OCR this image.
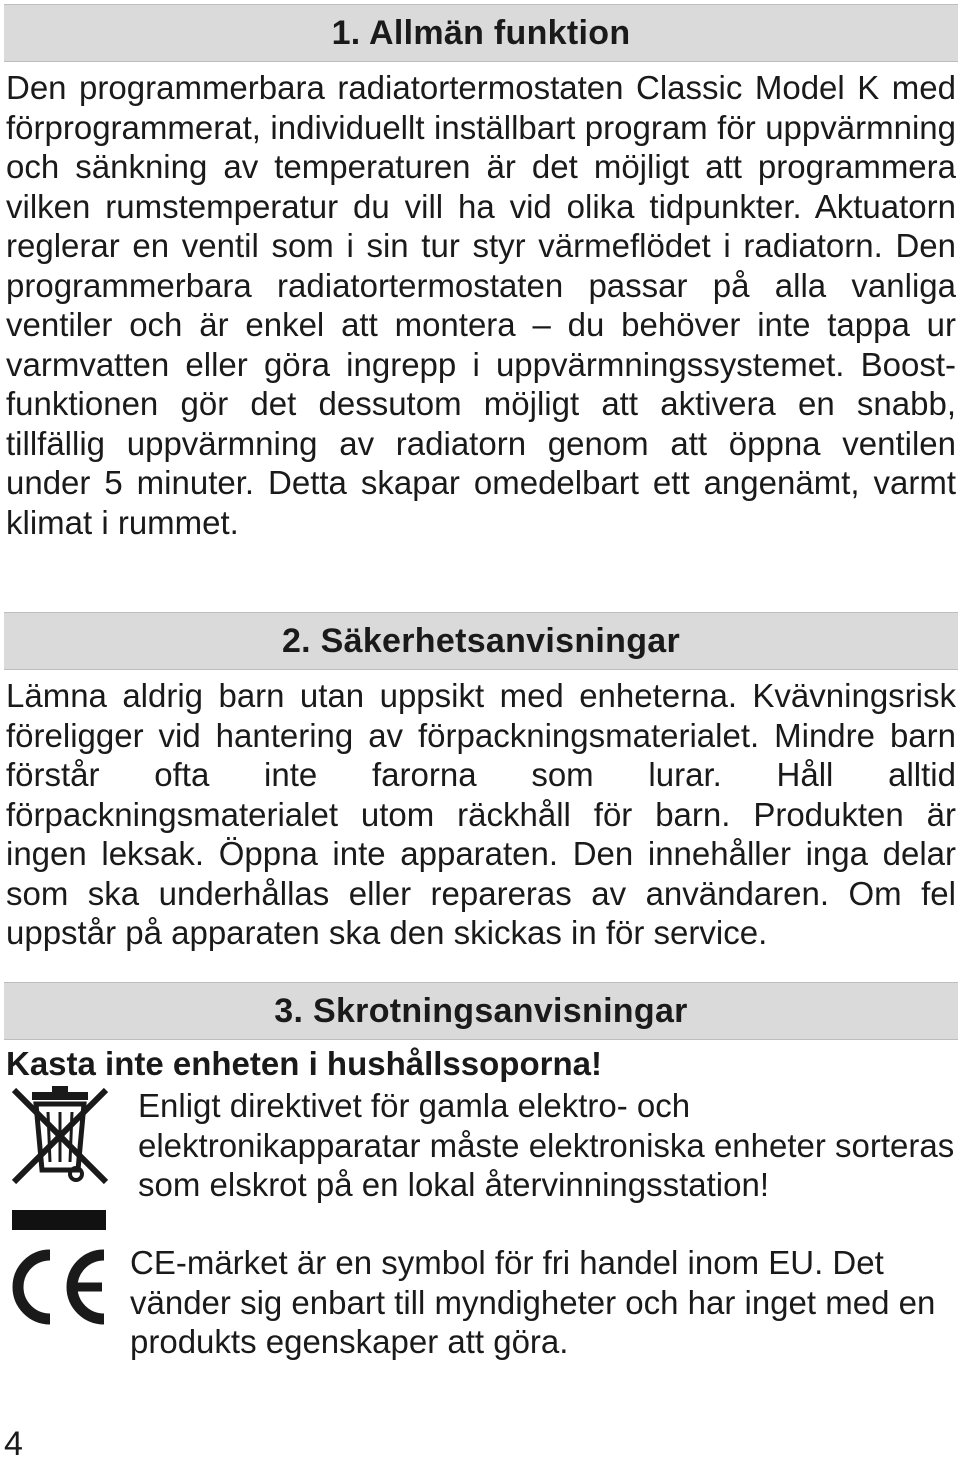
1. Allmän funktion

Den programmerbara radiatortermostaten Classic Model K med förprogrammerat, individuellt inställbart program för uppvärmning och sänkning av temperaturen är det möjligt att programmera vilken rumstemperatur du vill ha vid olika tidpunkter. Aktuatorn reglerar en ventil som i sin tur styr värmeflödet i radiatorn. Den programmerbara radiatortermostaten passar på alla vanliga ventiler och är enkel att montera – du behöver inte tappa ur varmvatten eller göra ingrepp i uppvärmningssystemet. Boost-funktionen gör det dessutom möjligt att aktivera en snabb, tillfällig uppvärmning av radiatorn genom att öppna ventilen under 5 minuter. Detta skapar omedelbart ett angenämt, varmt klimat i rummet.

2. Säkerhetsanvisningar

Lämna aldrig barn utan uppsikt med enheterna. Kvävningsrisk föreligger vid hantering av förpackningsmaterialet. Mindre barn förstår ofta inte farorna som lurar. Håll alltid förpackningsmaterialet utom räckhåll för barn. Produkten är ingen leksak. Öppna inte apparaten. Den innehåller inga delar som ska underhållas eller repareras av användaren. Om fel uppstår på apparaten ska den skickas in för service.

3. Skrotningsanvisningar

Kasta inte enheten i hushållssoporna!

Enligt direktivet för gamla elektro- och elektronikapparatar måste elektroniska enheter sorteras som elskrot på en lokal återvinningsstation!

CE-märket är en symbol för fri handel inom EU. Det vänder sig enbart till myndigheter och har inget med en produkts egenskaper att göra.

4
